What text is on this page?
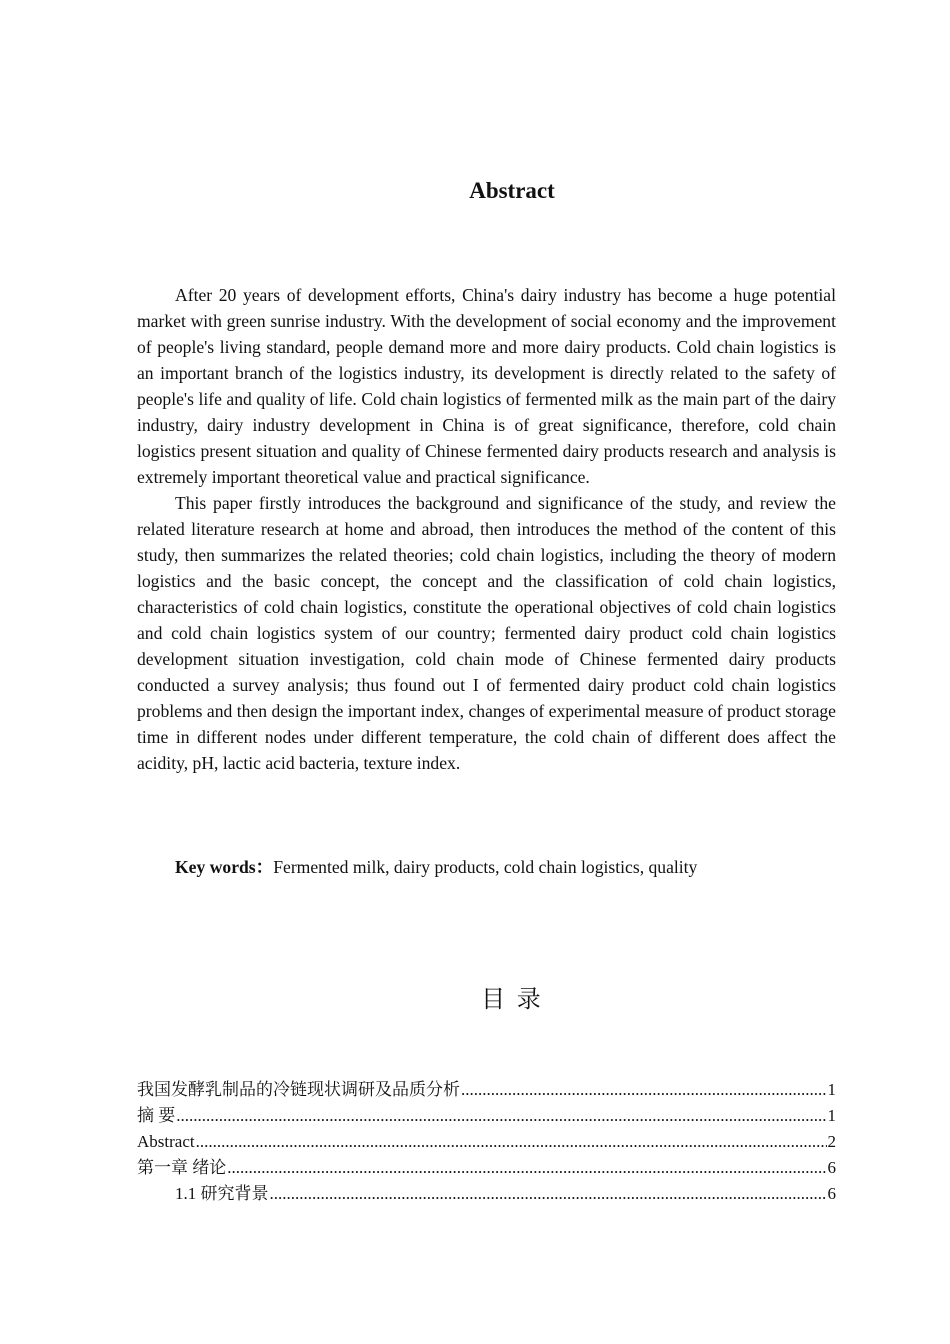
Abstract

After 20 years of development efforts, China's dairy industry has become a huge potential market with green sunrise industry. With the development of social economy and the improvement of people's living standard, people demand more and more dairy products. Cold chain logistics is an important branch of the logistics industry, its development is directly related to the safety of people's life and quality of life. Cold chain logistics of fermented milk as the main part of the dairy industry, dairy industry development in China is of great significance, therefore, cold chain logistics present situation and quality of Chinese fermented dairy products research and analysis is extremely important theoretical value and practical significance.

This paper firstly introduces the background and significance of the study, and review the related literature research at home and abroad, then introduces the method of the content of this study, then summarizes the related theories; cold chain logistics, including the theory of modern logistics and the basic concept, the concept and the classification of cold chain logistics, characteristics of cold chain logistics, constitute the operational objectives of cold chain logistics and cold chain logistics system of our country; fermented dairy product cold chain logistics development situation investigation, cold chain mode of Chinese fermented dairy products conducted a survey analysis; thus found out I of fermented dairy product cold chain logistics problems and then design the important index, changes of experimental measure of product storage time in different nodes under different temperature, the cold chain of different does affect the acidity, pH, lactic acid bacteria, texture index.

Key words：Fermented milk, dairy products, cold chain logistics, quality
目 录
我国发酵乳制品的冷链现状调研及品质分析 .....	1
摘 要 .....	1
Abstract .....	2
第一章 绪论 .....	6
1.1 研究背景 .....	6
